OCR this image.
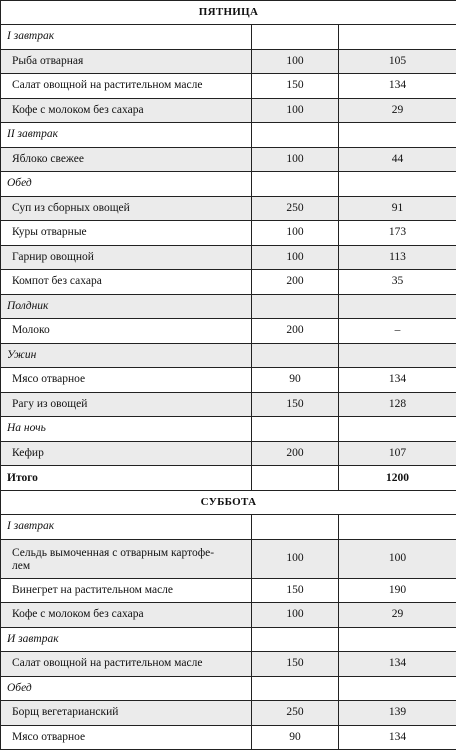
ПЯТНИЦА		
I завтрак		
Рыба отварная	100	105
Салат овощной на растительном масле	150	134
Кофе с молоком без сахара	100	29
II завтрак		
Яблоко свежее	100	44
Обед		
Суп из сборных овощей	250	91
Куры отварные	100	173
Гарнир овощной	100	113
Компот без сахара	200	35
Полдник		
Молоко	200	–
Ужин		
Мясо отварное	90	134
Рагу из овощей	150	128
На ночь		
Кефир	200	107
Итого		1200
СУББОТА		
I завтрак		
Сельдь вымоченная с отварным картофе-
лем	100	100
Винегрет на растительном масле	150	190
Кофе с молоком без сахара	100	29
И завтрак		
Салат овощной на растительном масле	150	134
Обед		
Борщ вегетарианский	250	139
Мясо отварное	90	134
